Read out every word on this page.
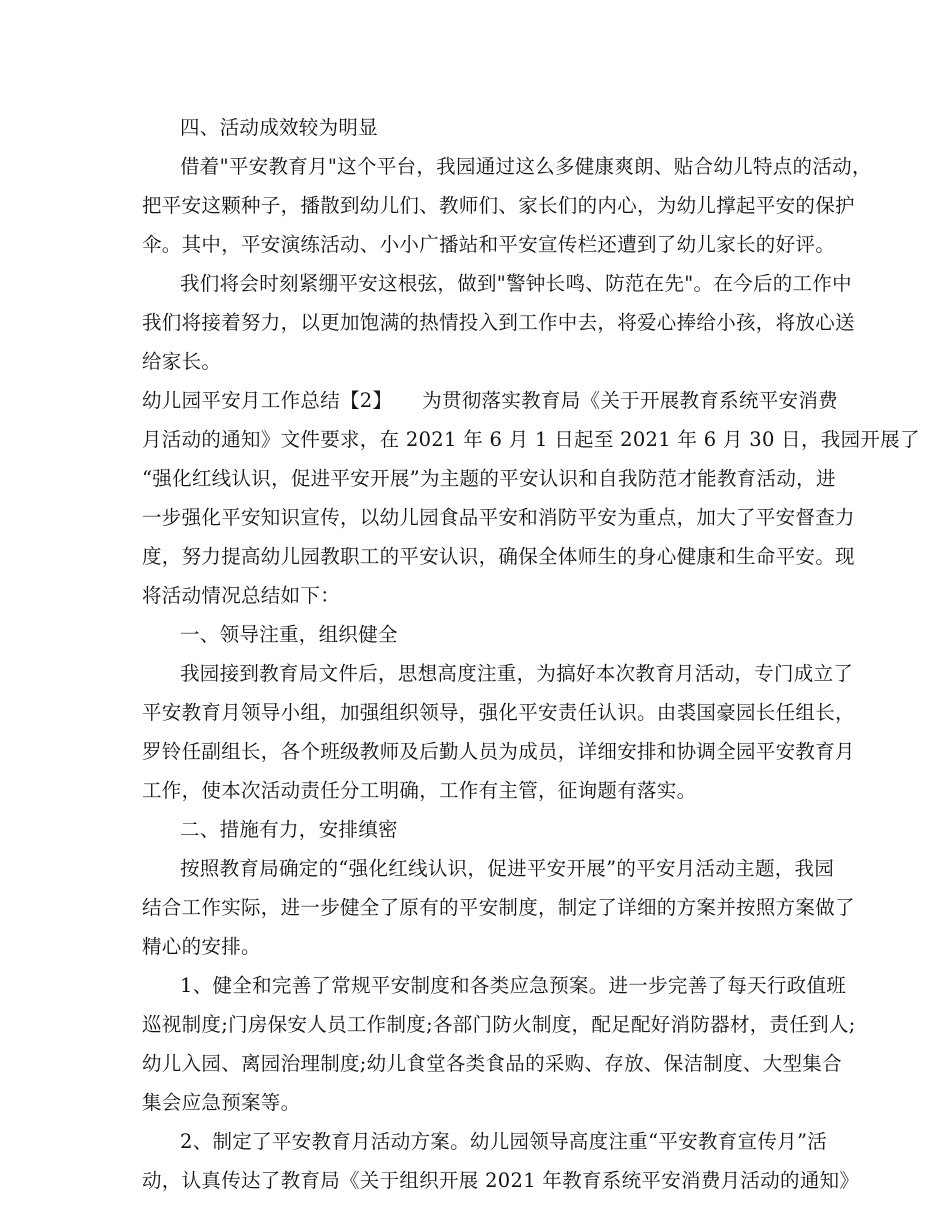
四、活动成效较为明显
借着"平安教育月"这个平台，我园通过这么多健康爽朗、贴合幼儿特点的活动，
把平安这颗种子，播散到幼儿们、教师们、家长们的内心，为幼儿撑起平安的保护
伞。其中，平安演练活动、小小广播站和平安宣传栏还遭到了幼儿家长的好评。
我们将会时刻紧绷平安这根弦，做到"警钟长鸣、防范在先"。在今后的工作中
我们将接着努力，以更加饱满的热情投入到工作中去，将爱心捧给小孩，将放心送
给家长。
幼儿园平安月工作总结【2】　　为贯彻落实教育局《关于开展教育系统平安消费
月活动的通知》文件要求，在 2021 年 6 月 1 日起至 2021 年 6 月 30 日，我园开展了
“强化红线认识，促进平安开展”为主题的平安认识和自我防范才能教育活动，进
一步强化平安知识宣传，以幼儿园食品平安和消防平安为重点，加大了平安督查力
度，努力提高幼儿园教职工的平安认识，确保全体师生的身心健康和生命平安。现
将活动情况总结如下：
一、领导注重，组织健全
我园接到教育局文件后，思想高度注重，为搞好本次教育月活动，专门成立了
平安教育月领导小组，加强组织领导，强化平安责任认识。由裘国豪园长任组长，
罗铃任副组长，各个班级教师及后勤人员为成员，详细安排和协调全园平安教育月
工作，使本次活动责任分工明确，工作有主管，征询题有落实。
二、措施有力，安排缜密
按照教育局确定的“强化红线认识，促进平安开展”的平安月活动主题，我园
结合工作实际，进一步健全了原有的平安制度，制定了详细的方案并按照方案做了
精心的安排。
1、健全和完善了常规平安制度和各类应急预案。进一步完善了每天行政值班
巡视制度;门房保安人员工作制度;各部门防火制度，配足配好消防器材，责任到人;
幼儿入园、离园治理制度;幼儿食堂各类食品的采购、存放、保洁制度、大型集合
集会应急预案等。
2、制定了平安教育月活动方案。幼儿园领导高度注重“平安教育宣传月”活
动，认真传达了教育局《关于组织开展 2021 年教育系统平安消费月活动的通知》
